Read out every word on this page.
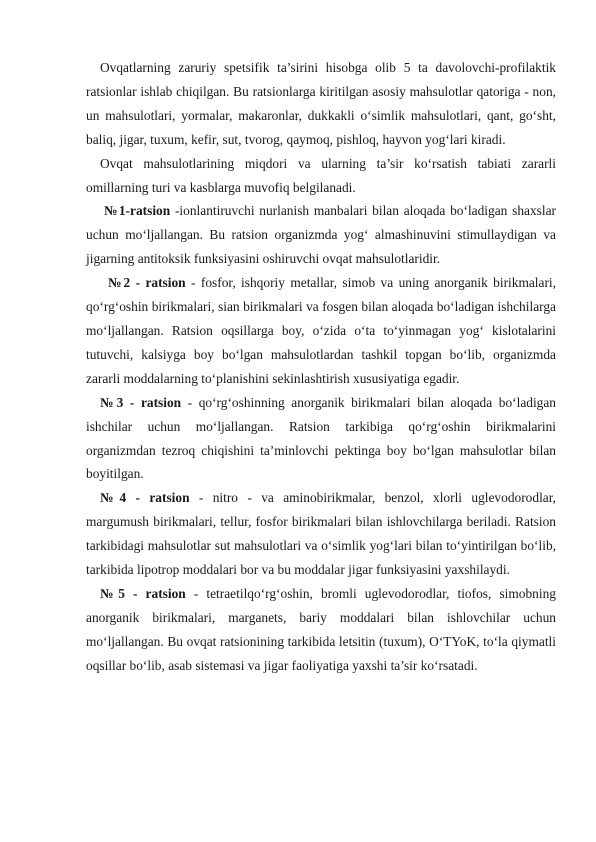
Ovqatlarning zaruriy spetsifik ta’sirini hisobga olib 5 ta davolovchi-profilaktik ratsionlar ishlab chiqilgan. Bu ratsionlarga kiritilgan asosiy mahsulotlar qatoriga - non, un mahsulotlari, yormalar, makaronlar, dukkakli o‘simlik mahsulotlari, qant, go‘sht, baliq, jigar, tuxum, kefir, sut, tvorog, qaymoq, pishloq, hayvon yog‘lari kiradi.

Ovqat mahsulotlarining miqdori va ularning ta’sir ko‘rsatish tabiati zararli omillarning turi va kasblarga muvofiq belgilanadi.

№1-ratsion -ionlantiruvchi nurlanish manbalari bilan aloqada bo‘ladigan shaxslar uchun mo‘ljallangan. Bu ratsion organizmda yog‘ almashinuvini stimullaydigan va jigarning antitoksik funksiyasini oshiruvchi ovqat mahsulotlaridir.

№2 - ratsion - fosfor, ishqoriy metallar, simob va uning anorganik birikmalari, qo‘rg‘oshin birikmalari, sian birikmalari va fosgen bilan aloqada bo‘ladigan ishchilarga mo‘ljallangan. Ratsion oqsillarga boy, o‘zida o‘ta to‘yinmagan yog‘ kislotalarini tutuvchi, kalsiyga boy bo‘lgan mahsulotlardan tashkil topgan bo‘lib, organizmda zararli moddalarning to‘planishini sekinlashtirish xususiyatiga egadir.

№3 - ratsion - qo‘rg‘oshinning anorganik birikmalari bilan aloqada bo‘ladigan ishchilar uchun mo‘ljallangan. Ratsion tarkibiga qo‘rg‘oshin birikmalarini organizmdan tezroq chiqishini ta’minlovchi pektinga boy bo‘lgan mahsulotlar bilan boyitilgan.

№4 - ratsion - nitro - va aminobirikmalar, benzol, xlorli uglevodorodlar, margumush birikmalari, tellur, fosfor birikmalari bilan ishlovchilarga beriladi. Ratsion tarkibidagi mahsulotlar sut mahsulotlari va o‘simlik yog‘lari bilan to‘yintirilgan bo‘lib, tarkibida lipotrop moddalari bor va bu moddalar jigar funksiyasini yaxshilaydi.

№5 - ratsion - tetraetilqo‘rg‘oshin, bromli uglevodorodlar, tiofos, simobning anorganik birikmalari, marganets, bariy moddalari bilan ishlovchilar uchun mo‘ljallangan. Bu ovqat ratsionining tarkibida letsitin (tuxum), O‘TYoK, to‘la qiymatli oqsillar bo‘lib, asab sistemasi va jigar faoliyatiga yaxshi ta’sir ko‘rsatadi.
